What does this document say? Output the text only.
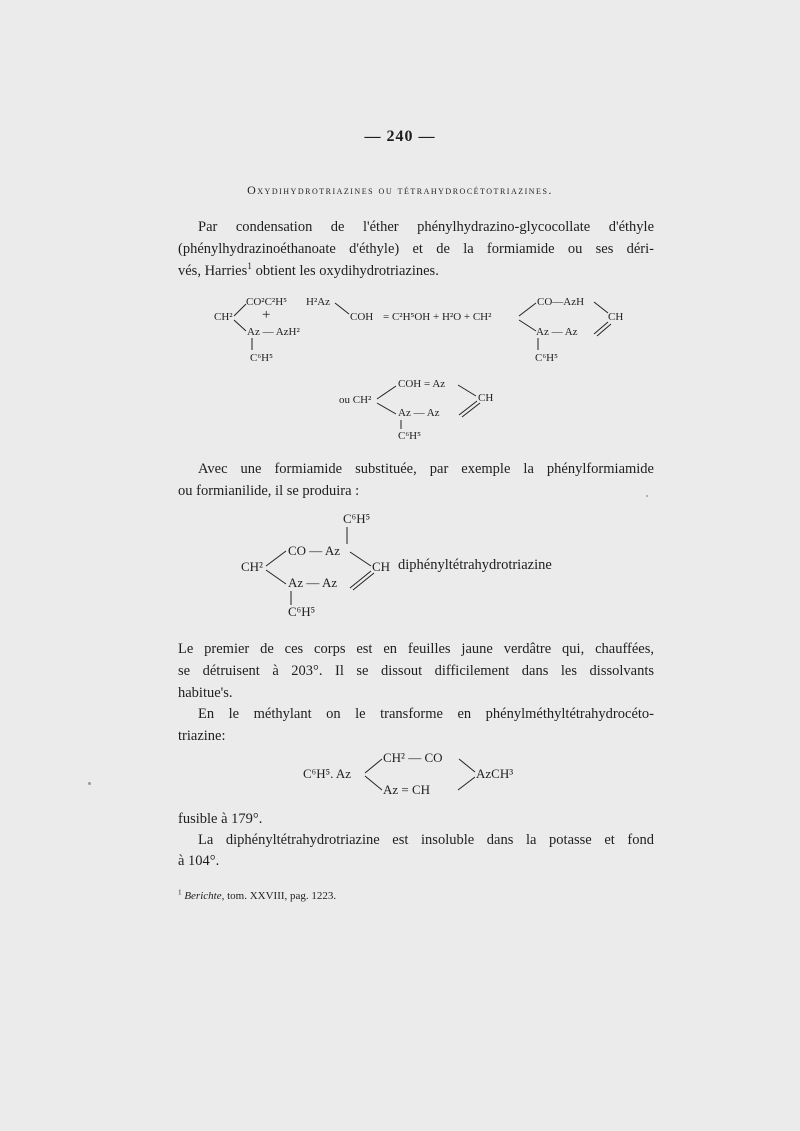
— 240 —
Oxydihydrotriazines ou tétrahydrocétotriazines.
Par condensation de l'éther phénylhydrazino-glycocollate d'éthyle
(phénylhydrazinoéthanoate d'éthyle) et de la formiamide ou ses déri-
vés, Harries$^1$ obtient les oxydihydrotriazines.
CO²C²H⁵ H²Az
CH² +	COH = C²H⁵OH + H²O + CH²
Az — AzH²
C⁶H⁵
CO—AzH
CH
Az — Az
C⁶H⁵
COH = Az
ou CH²	CH
Az — Az
C⁶H⁵
Avec une formiamide substituée, par exemple la phénylformiamide
ou formianilide, il se produira :
C⁶H⁵
CO — Az
CH²	CH diphényltétrahydrotriazine
Az — Az
C⁶H⁵
Le premier de ces corps est en feuilles jaune verdâtre qui, chauffées,
se détruisent à 203°. Il se dissout difficilement dans les dissolvants
habitue's.
En le méthylant on le transforme en phénylméthyltétrahydrocéto-
triazine:
CH² — CO
C⁶H⁵. Az	AzCH³
Az = CH
fusible à 179°.
La diphényltétrahydrotriazine est insoluble dans la potasse et fond
à 104°.
$^1$ Berichte, tom. XXVIII, pag. 1223.
